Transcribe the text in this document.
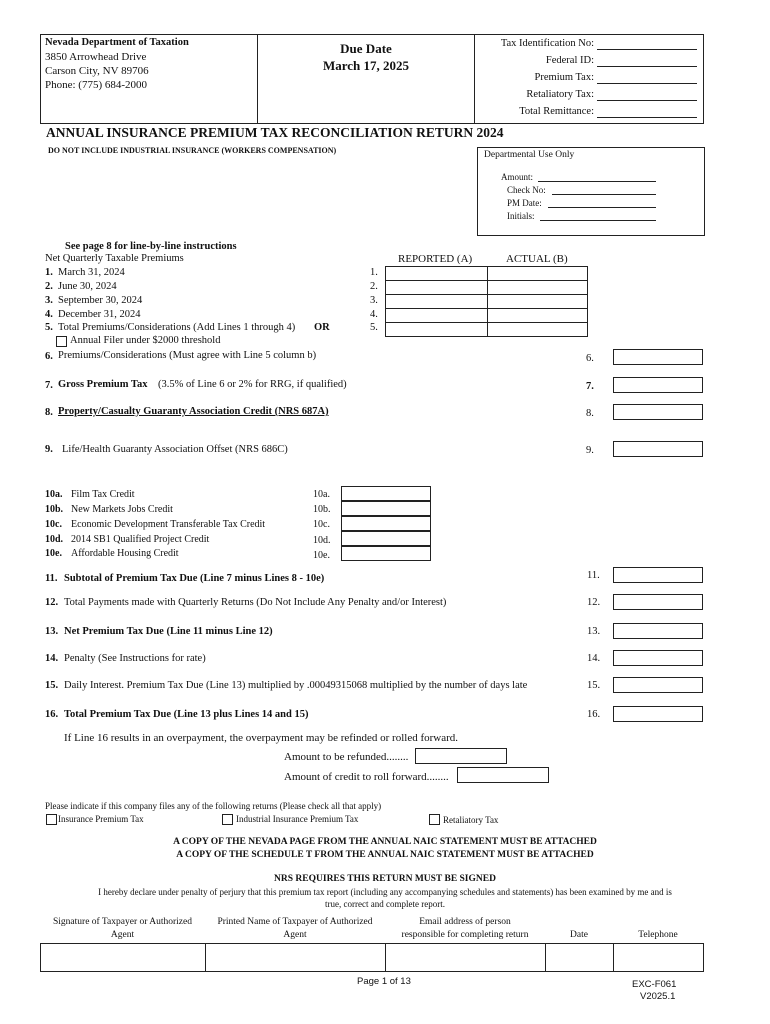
Nevada Department of Taxation
3850 Arrowhead Drive
Carson City, NV 89706
Phone: (775) 684-2000
Due Date
March 17, 2025
Tax Identification No:
Federal ID:
Premium Tax:
Retaliatory Tax:
Total Remittance:
ANNUAL INSURANCE PREMIUM TAX RECONCILIATION RETURN 2024
DO NOT INCLUDE INDUSTRIAL INSURANCE (WORKERS COMPENSATION)	Departmental Use Only
Amount:
Check No:
PM Date:
Initials:
See page 8 for line-by-line instructions
Net Quarterly Taxable Premiums	REPORTED (A)	ACTUAL (B)
1. March 31, 2024	1.
2. June 30, 2024	2.
3. September 30, 2024	3.
4. December 31, 2024	4.
5. Total Premiums/Considerations (Add Lines 1 through 4) OR	5.
Annual Filer under $2000 threshold
6. Premiums/Considerations (Must agree with Line 5 column b)	6.
7. Gross Premium Tax (3.5% of Line 6 or 2% for RRG, if qualified)	7.
8. Property/Casualty Guaranty Association Credit (NRS 687A)	8.
9. Life/Health Guaranty Association Offset (NRS 686C)	9.
10a. Film Tax Credit	10a.
10b. New Markets Jobs Credit	10b.
10c. Economic Development Transferable Tax Credit	10c.
10d. 2014 SB1 Qualified Project Credit	10d.
10e. Affordable Housing Credit	10e.
11. Subtotal of Premium Tax Due (Line 7 minus Lines 8 - 10e)	11.
12. Total Payments made with Quarterly Returns (Do Not Include Any Penalty and/or Interest)	12.
13. Net Premium Tax Due (Line 11 minus Line 12)	13.
14. Penalty (See Instructions for rate)	14.
15. Daily Interest. Premium Tax Due (Line 13) multiplied by .00049315068 multiplied by the number of days late	15.
16. Total Premium Tax Due (Line 13 plus Lines 14 and 15)	16.
If Line 16 results in an overpayment, the overpayment may be refinded or rolled forward.
Amount to be refunded........
Amount of credit to roll forward........
Please indicate if this company files any of the following returns (Please check all that apply)
Insurance Premium Tax	Industrial Insurance Premium Tax	Retaliatory Tax
A COPY OF THE NEVADA PAGE FROM THE ANNUAL NAIC STATEMENT MUST BE ATTACHED
A COPY OF THE SCHEDULE T FROM THE ANNUAL NAIC STATEMENT MUST BE ATTACHED
NRS REQUIRES THIS RETURN MUST BE SIGNED
I hereby declare under penalty of perjury that this premium tax report (including any accompanying schedules and statements) has been examined by me and is
true, correct and complete report.
Signature of Taxpayer or Authorized
Agent
Printed Name of Taxpayer of Authorized
Agent
Email address of person
responsible for completing return	Date	Telephone
Page 1 of 13	EXC-F061
V2025.1
